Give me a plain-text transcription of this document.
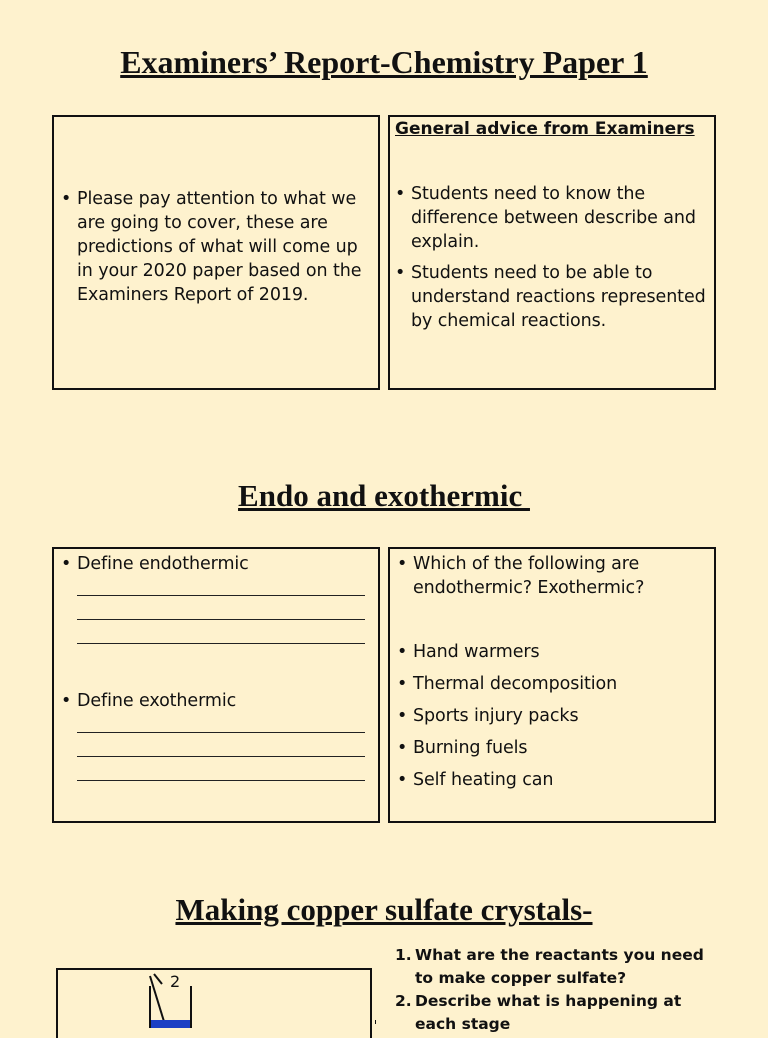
Examiners’ Report-Chemistry Paper 1
• Please pay attention to what we are going to cover, these are predictions of what will come up in your 2020 paper based on the Examiners Report of 2019.
General advice from Examiners
• Students need to know the difference between describe and explain.
• Students need to be able to understand reactions represented by chemical reactions.
Endo and exothermic
• Define endothermic
• Define exothermic
• Which of the following are endothermic? Exothermic?
• Hand warmers
• Thermal decomposition
• Sports injury packs
• Burning fuels
• Self heating can
Making copper sulfate crystals-
2
1. What are the reactants you need to make copper sulfate?
2. Describe what is happening at each stage
